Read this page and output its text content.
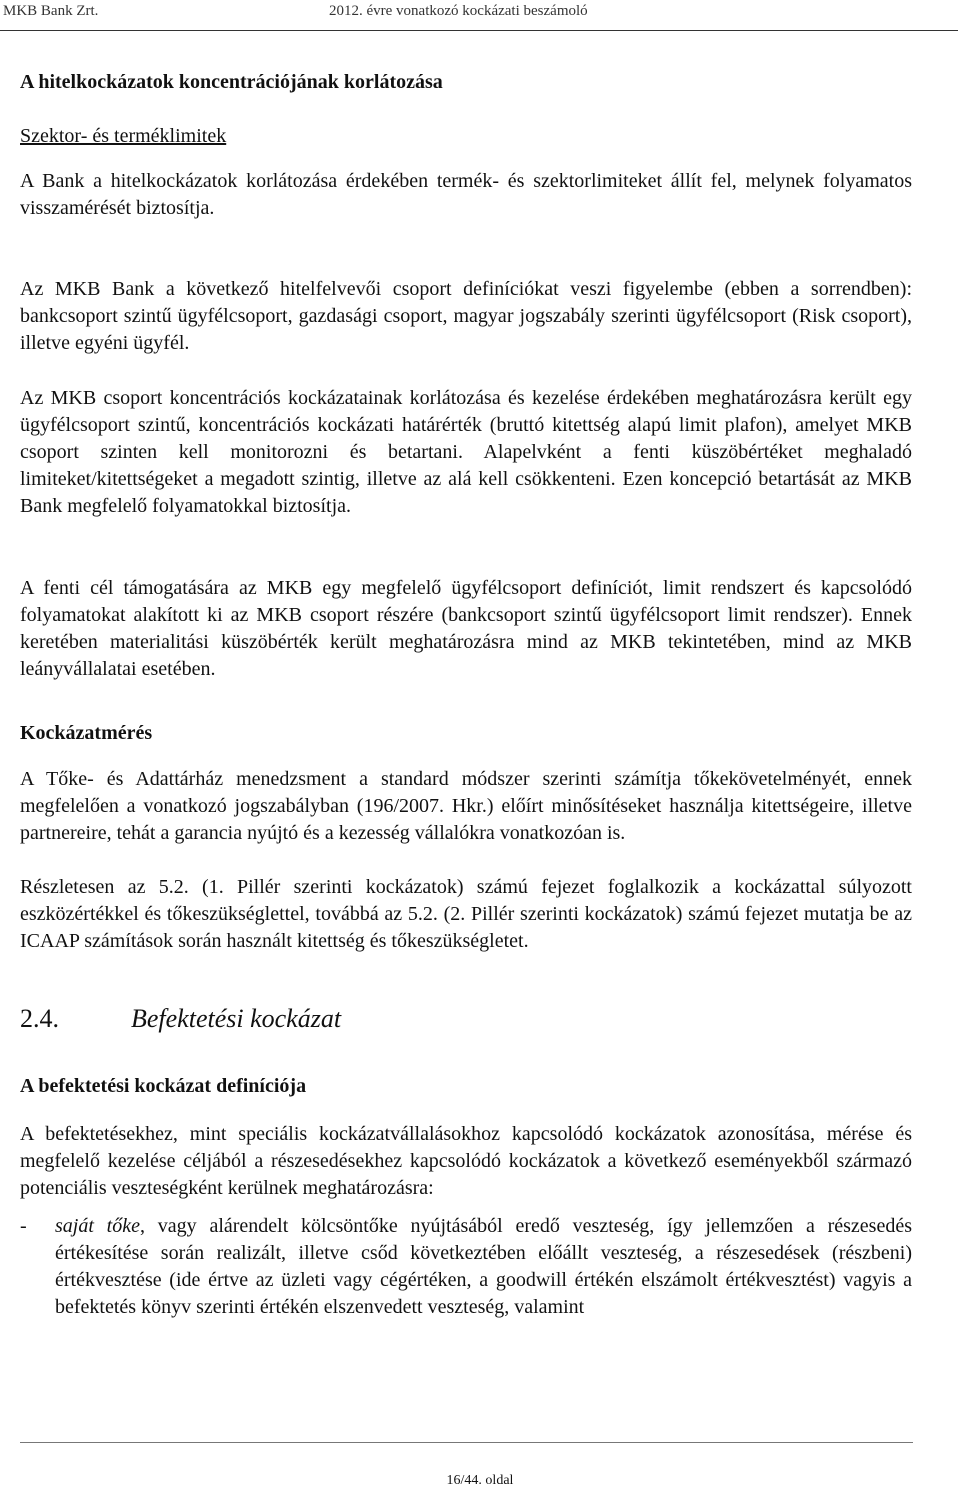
MKB Bank Zrt.	2012. évre vonatkozó kockázati beszámoló
A hitelkockázatok koncentrációjának korlátozása
Szektor- és terméklimitek

A Bank a hitelkockázatok korlátozása érdekében termék- és szektorlimiteket állít fel, melynek folyamatos visszamérését biztosítja.

Az MKB Bank a következő hitelfelvevői csoport definíciókat veszi figyelembe (ebben a sorrendben): bankcsoport szintű ügyfélcsoport, gazdasági csoport, magyar jogszabály szerinti ügyfélcsoport (Risk csoport), illetve egyéni ügyfél.

Az MKB csoport koncentrációs kockázatainak korlátozása és kezelése érdekében meghatározásra került egy ügyfélcsoport szintű, koncentrációs kockázati határérték (bruttó kitettség alapú limit plafon), amelyet MKB csoport szinten kell monitorozni és betartani. Alapelvként a fenti küszöbértéket meghaladó limiteket/kitettségeket a megadott szintig, illetve az alá kell csökkenteni. Ezen koncepció betartását az MKB Bank megfelelő folyamatokkal biztosítja.

A fenti cél támogatására az MKB egy megfelelő ügyfélcsoport definíciót, limit rendszert és kapcsolódó folyamatokat alakított ki az MKB csoport részére (bankcsoport szintű ügyfélcsoport limit rendszer). Ennek keretében materialitási küszöbérték került meghatározásra mind az MKB tekintetében, mind az MKB leányvállalatai esetében.

Kockázatmérés

A Tőke- és Adattárház menedzsment a standard módszer szerinti számítja tőkekövetelményét, ennek megfelelően a vonatkozó jogszabályban (196/2007. Hkr.) előírt minősítéseket használja kitettségeire, illetve partnereire, tehát a garancia nyújtó és a kezesség vállalókra vonatkozóan is.

Részletesen az 5.2. (1. Pillér szerinti kockázatok) számú fejezet foglalkozik a kockázattal súlyozott eszközértékkel és tőkeszükséglettel, továbbá az 5.2. (2. Pillér szerinti kockázatok) számú fejezet mutatja be az ICAAP számítások során használt kitettség és tőkeszükségletet.

2.4.	Befektetési kockázat
A befektetési kockázat definíciója

A befektetésekhez, mint speciális kockázatvállalásokhoz kapcsolódó kockázatok azonosítása, mérése és megfelelő kezelése céljából a részesedésekhez kapcsolódó kockázatok a következő eseményekből származó potenciális veszteségként kerülnek meghatározásra:

- saját tőke, vagy alárendelt kölcsöntőke nyújtásából eredő veszteség, így jellemzően a részesedés értékesítése során realizált, illetve csőd következtében előállt veszteség, a részesedések (részbeni) értékvesztése (ide értve az üzleti vagy cégértéken, a goodwill értékén elszámolt értékvesztést) vagyis a befektetés könyv szerinti értékén elszenvedett veszteség, valamint

16/44. oldal
